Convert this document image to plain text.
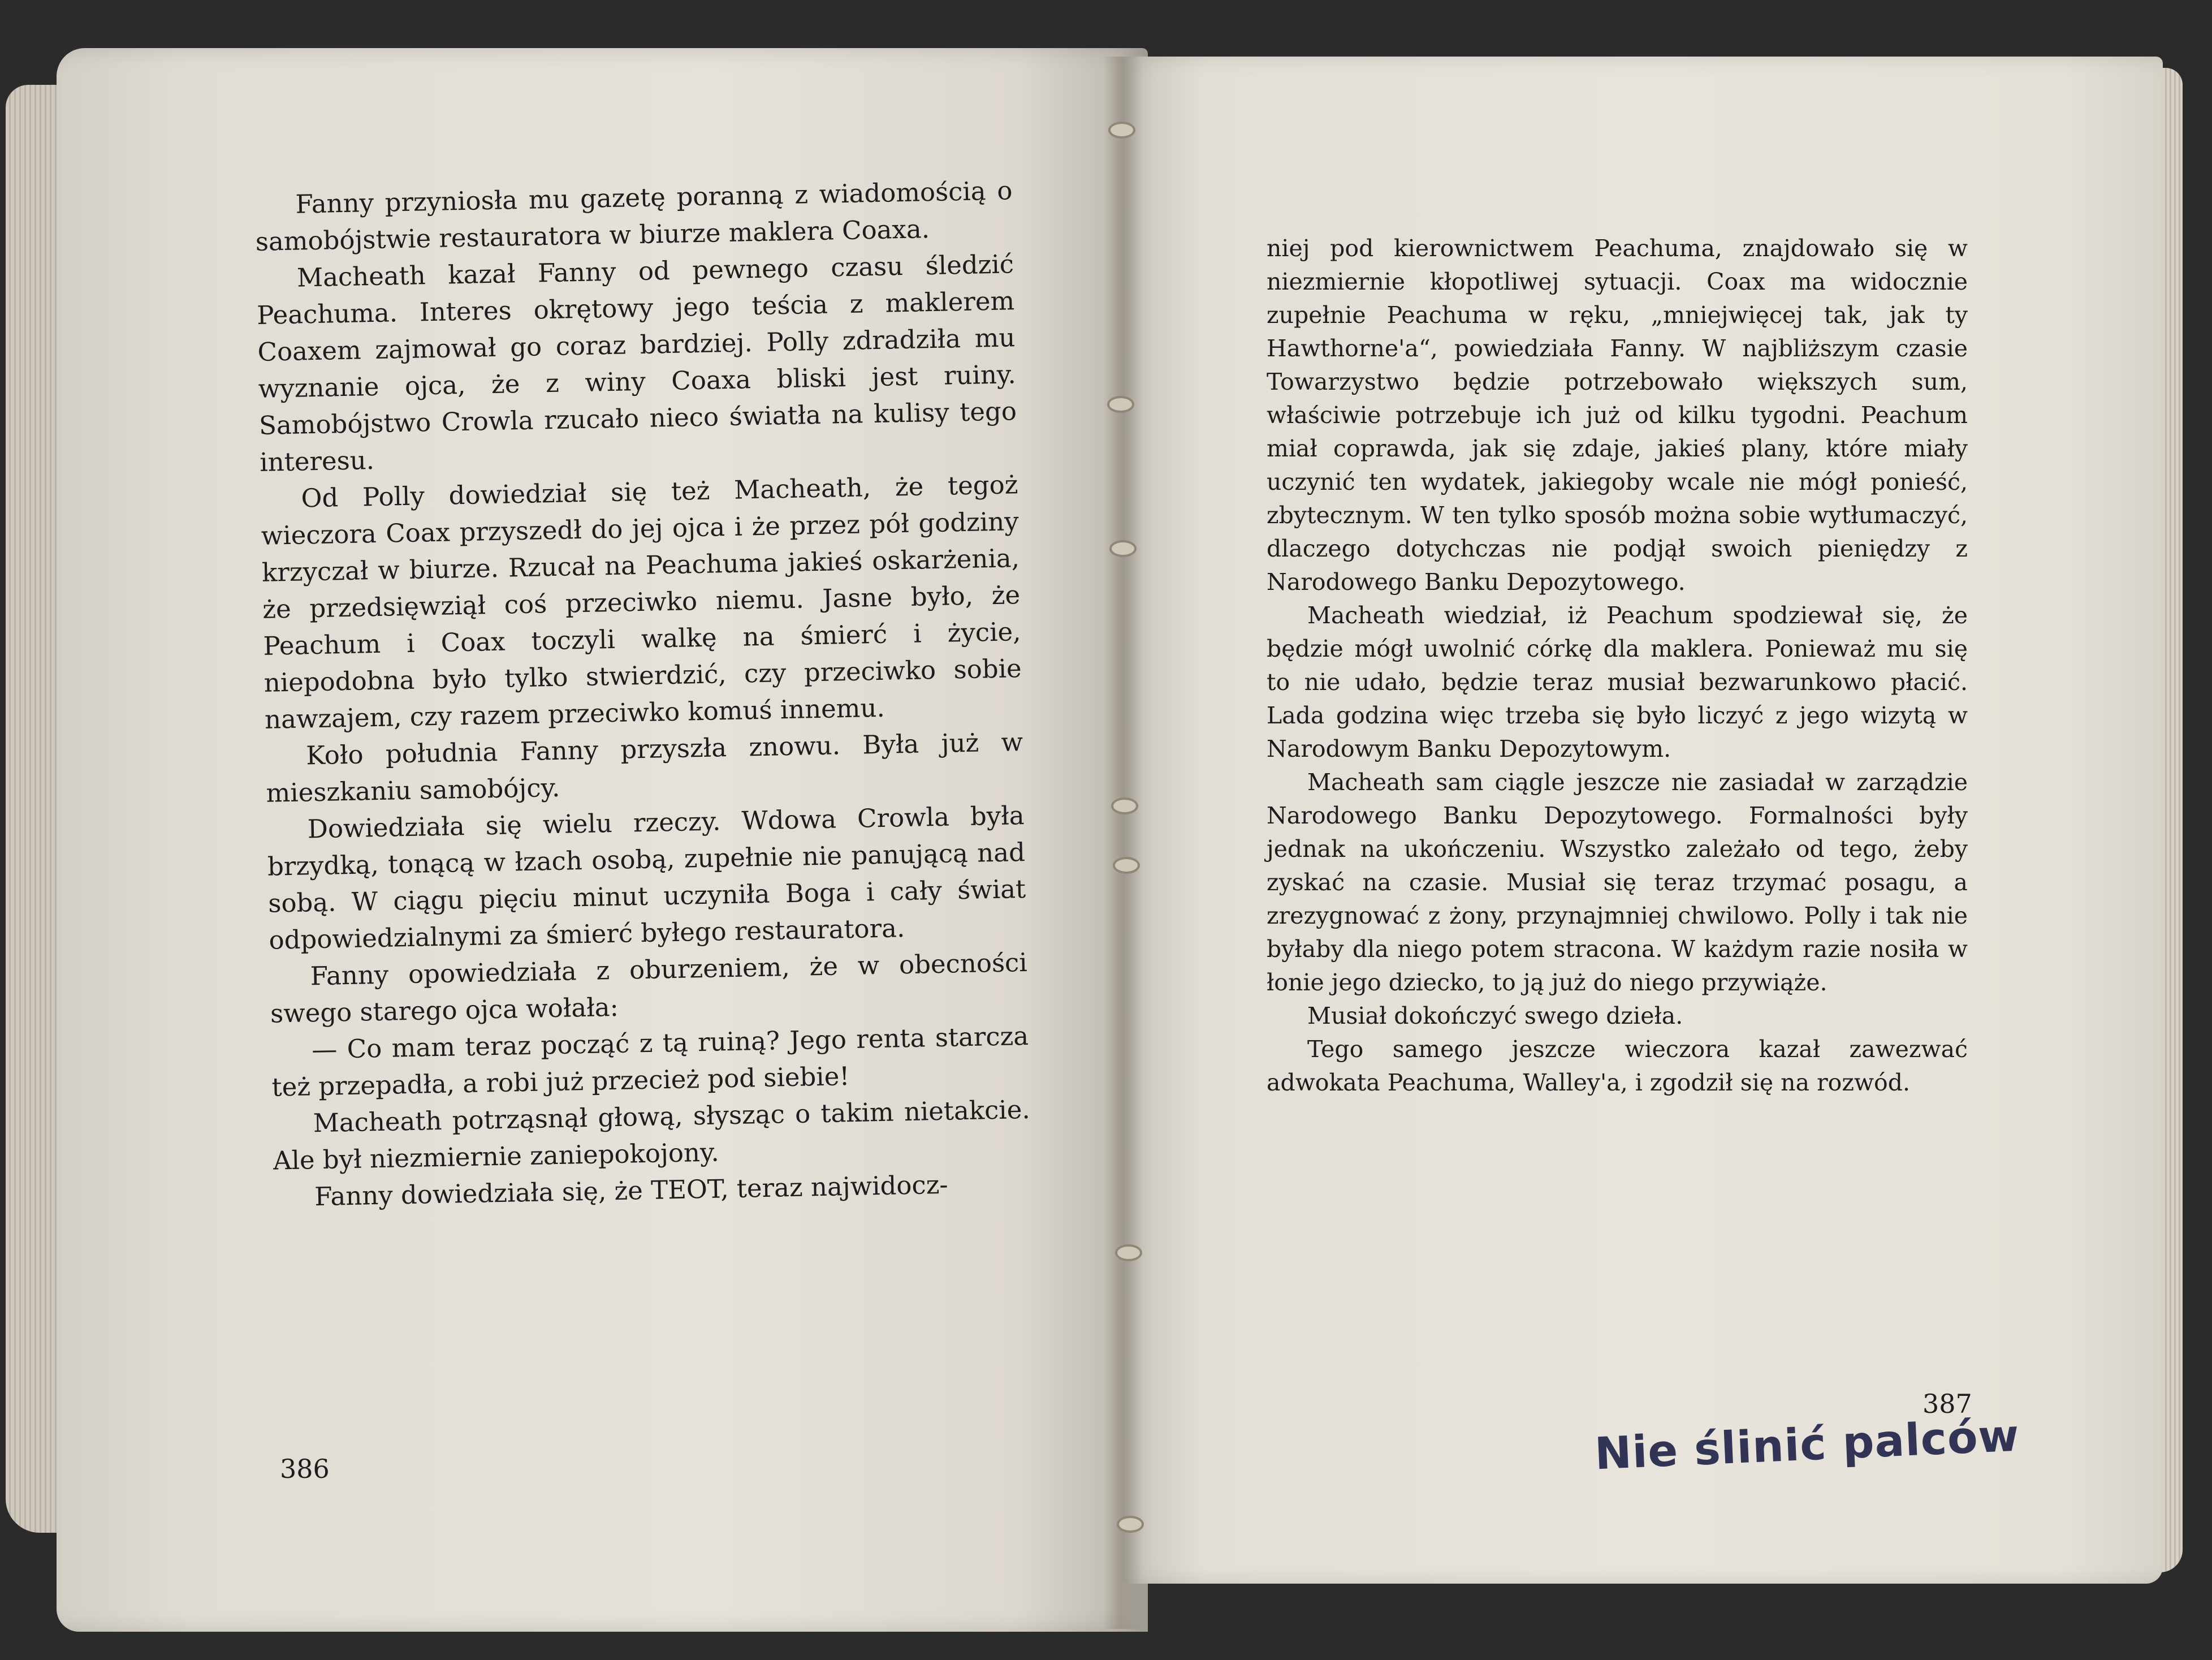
Fanny przyniosła mu gazetę poranną z wiadomością o samobójstwie restauratora w biurze maklera Coaxa.

Macheath kazał Fanny od pewnego czasu śledzić Peachuma. Interes okrętowy jego teścia z maklerem Coaxem zajmował go coraz bardziej. Polly zdradziła mu wyznanie ojca, że z winy Coaxa bliski jest ruiny. Samobójstwo Crowla rzucało nieco światła na kulisy tego interesu.

Od Polly dowiedział się też Macheath, że tegoż wieczora Coax przyszedł do jej ojca i że przez pół godziny krzyczał w biurze. Rzucał na Peachuma jakieś oskarżenia, że przedsięwziął coś przeciwko niemu. Jasne było, że Peachum i Coax toczyli walkę na śmierć i życie, niepodobna było tylko stwierdzić, czy przeciwko sobie nawzajem, czy razem przeciwko komuś innemu.

Koło południa Fanny przyszła znowu. Była już w mieszkaniu samobójcy.

Dowiedziała się wielu rzeczy. Wdowa Crowla była brzydką, tonącą w łzach osobą, zupełnie nie panującą nad sobą. W ciągu pięciu minut uczyniła Boga i cały świat odpowiedzialnymi za śmierć byłego restauratora.

Fanny opowiedziała z oburzeniem, że w obecności swego starego ojca wołała:

— Co mam teraz począć z tą ruiną? Jego renta starcza też przepadła, a robi już przecież pod siebie!

Macheath potrząsnął głową, słysząc o takim nietakcie. Ale był niezmiernie zaniepokojony.

Fanny dowiedziała się, że TEOT, teraz najwidocz-

386

niej pod kierownictwem Peachuma, znajdowało się w niezmiernie kłopotliwej sytuacji. Coax ma widocznie zupełnie Peachuma w ręku, „mniejwięcej tak, jak ty Hawthorne'a“, powiedziała Fanny. W najbliższym czasie Towarzystwo będzie potrzebowało większych sum, właściwie potrzebuje ich już od kilku tygodni. Peachum miał coprawda, jak się zdaje, jakieś plany, które miały uczynić ten wydatek, jakiegoby wcale nie mógł ponieść, zbytecznym. W ten tylko sposób można sobie wytłumaczyć, dlaczego dotychczas nie podjął swoich pieniędzy z Narodowego Banku Depozytowego.

Macheath wiedział, iż Peachum spodziewał się, że będzie mógł uwolnić córkę dla maklera. Ponieważ mu się to nie udało, będzie teraz musiał bezwarunkowo płacić. Lada godzina więc trzeba się było liczyć z jego wizytą w Narodowym Banku Depozytowym.

Macheath sam ciągle jeszcze nie zasiadał w zarządzie Narodowego Banku Depozytowego. Formalności były jednak na ukończeniu. Wszystko zależało od tego, żeby zyskać na czasie. Musiał się teraz trzymać posagu, a zrezygnować z żony, przynajmniej chwilowo. Polly i tak nie byłaby dla niego potem stracona. W każdym razie nosiła w łonie jego dziecko, to ją już do niego przywiąże.

Musiał dokończyć swego dzieła.

Tego samego jeszcze wieczora kazał zawezwać adwokata Peachuma, Walley'a, i zgodził się na rozwód.

387
Nie ślinić palców
